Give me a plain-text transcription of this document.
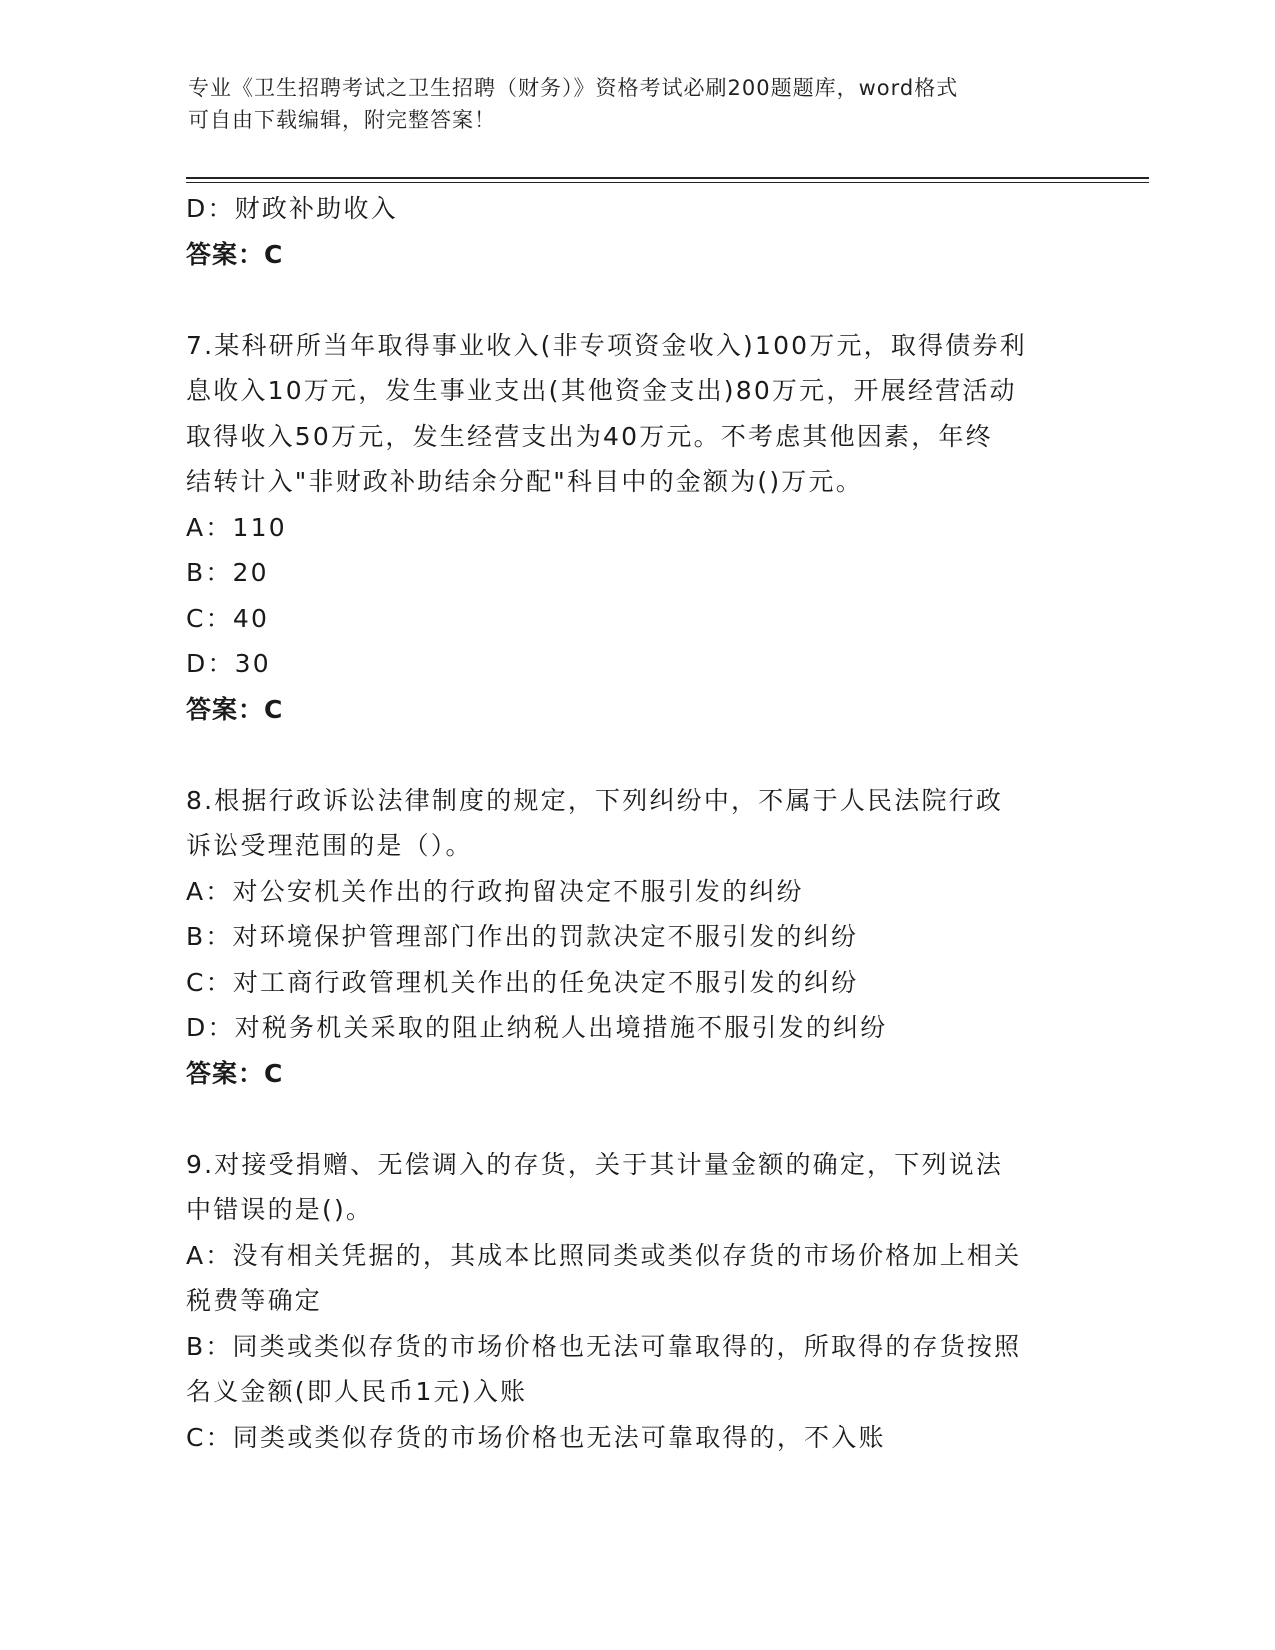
专业《卫生招聘考试之卫生招聘（财务）》资格考试必刷200题题库，word格式
可自由下载编辑，附完整答案！
D：财政补助收入
答案：C
7.某科研所当年取得事业收入(非专项资金收入)100万元，取得债券利
息收入10万元，发生事业支出(其他资金支出)80万元，开展经营活动
取得收入50万元，发生经营支出为40万元。不考虑其他因素，年终
结转计入"非财政补助结余分配"科目中的金额为()万元。
A：110
B：20
C：40
D：30
答案：C
8.根据行政诉讼法律制度的规定，下列纠纷中，不属于人民法院行政
诉讼受理范围的是（）。
A：对公安机关作出的行政拘留决定不服引发的纠纷
B：对环境保护管理部门作出的罚款决定不服引发的纠纷
C：对工商行政管理机关作出的任免决定不服引发的纠纷
D：对税务机关采取的阻止纳税人出境措施不服引发的纠纷
答案：C
9.对接受捐赠、无偿调入的存货，关于其计量金额的确定，下列说法
中错误的是()。
A：没有相关凭据的，其成本比照同类或类似存货的市场价格加上相关
税费等确定
B：同类或类似存货的市场价格也无法可靠取得的，所取得的存货按照
名义金额(即人民币1元)入账
C：同类或类似存货的市场价格也无法可靠取得的，不入账
